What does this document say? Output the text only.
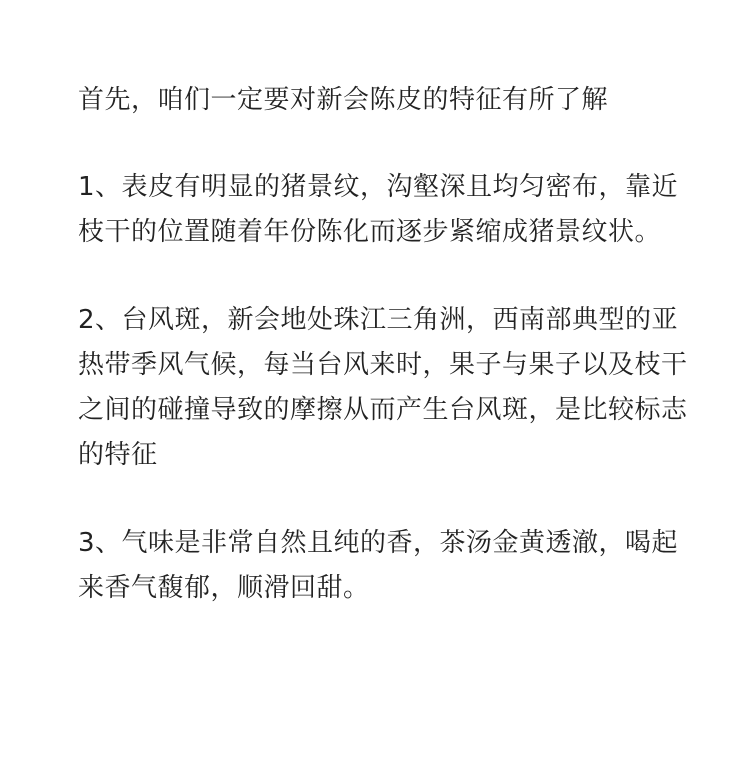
首先，咱们一定要对新会陈皮的特征有所了解

1、表皮有明显的猪景纹，沟壑深且均匀密布，靠近枝干的位置随着年份陈化而逐步紧缩成猪景纹状。

2、台风斑，新会地处珠江三角洲，西南部典型的亚热带季风气候，每当台风来时，果子与果子以及枝干之间的碰撞导致的摩擦从而产生台风斑，是比较标志的特征

3、气味是非常自然且纯的香，茶汤金黄透澈，喝起来香气馥郁，顺滑回甜。
